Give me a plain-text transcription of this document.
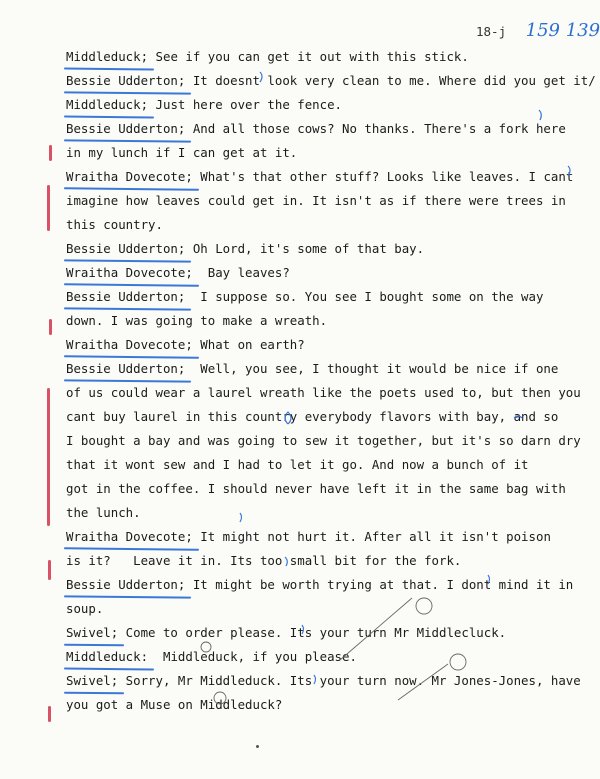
18-j 159 139
Middleduck; See if you can get it out with this stick.
Bessie Udderton; It doesnt look very clean to me. Where did you get it/
Middleduck; Just here over the fence.
Bessie Udderton; And all those cows? No thanks. There's a fork here
in my lunch if I can get at it.
Wraitha Dovecote; What's that other stuff? Looks like leaves. I cant
imagine how leaves could get in. It isn't as if there were trees in
this country.
Bessie Udderton; Oh Lord, it's some of that bay.
Wraitha Dovecote;  Bay leaves?
Bessie Udderton;  I suppose so. You see I bought some on the way
down. I was going to make a wreath.
Wraitha Dovecote; What on earth?
Bessie Udderton;  Well, you see, I thought it would be nice if one
of us could wear a laurel wreath like the poets used to, but then you
cant buy laurel in this country everybody flavors with bay, and so
I bought a bay and was going to sew it together, but it's so darn dry
that it wont sew and I had to let it go. And now a bunch of it
got in the coffee. I should never have left it in the same bag with
the lunch.
Wraitha Dovecote; It might not hurt it. After all it isn't poison
is it?   Leave it in. Its too small bit for the fork.
Bessie Udderton; It might be worth trying at that. I dont mind it in
soup.
Swivel; Come to order please. Its your turn Mr Middlecluck.
Middleduck:  Middleduck, if you please.
Swivel; Sorry, Mr Middleduck. Its your turn now. Mr Jones-Jones, have
you got a Muse on Middleduck?
